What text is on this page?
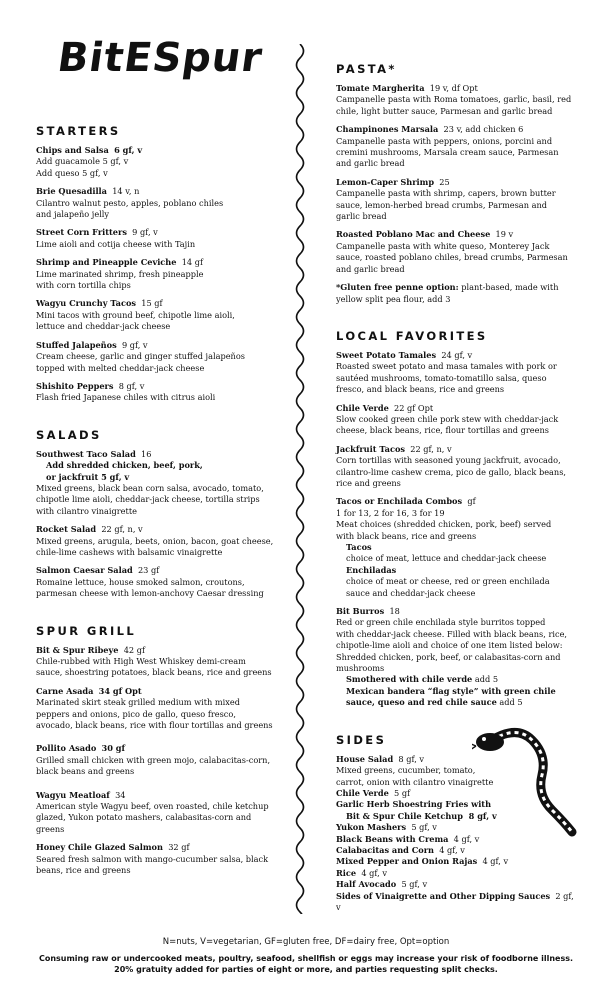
BitESpur
STARTERS
Chips and Salsa 6 gf, v
Add guacamole 5 gf, v
Add queso 5 gf, v
Brie Quesadilla 14 v, n
Cilantro walnut pesto, apples, poblano chiles
and jalapeño jelly
Street Corn Fritters 9 gf, v
Lime aioli and cotija cheese with Tajin
Shrimp and Pineapple Ceviche 14 gf
Lime marinated shrimp, fresh pineapple
with corn tortilla chips
Wagyu Crunchy Tacos 15 gf
Mini tacos with ground beef, chipotle lime aioli,
lettuce and cheddar-jack cheese
Stuffed Jalapeños 9 gf, v
Cream cheese, garlic and ginger stuffed jalapeños
topped with melted cheddar-jack cheese
Shishito Peppers 8 gf, v
Flash fried Japanese chiles with citrus aioli
SALADS
Southwest Taco Salad 16
Add shredded chicken, beef, pork,
or jackfruit 5 gf, v
Mixed greens, black bean corn salsa, avocado, tomato,
chipotle lime aioli, cheddar-jack cheese, tortilla strips
with cilantro vinaigrette
Rocket Salad 22 gf, n, v
Mixed greens, arugula, beets, onion, bacon, goat cheese,
chile-lime cashews with balsamic vinaigrette
Salmon Caesar Salad 23 gf
Romaine lettuce, house smoked salmon, croutons,
parmesan cheese with lemon-anchovy Caesar dressing
SPUR GRILL
Bit & Spur Ribeye 42 gf
Chile-rubbed with High West Whiskey demi-cream
sauce, shoestring potatoes, black beans, rice and greens
Carne Asada 34 gf Opt
Marinated skirt steak grilled medium with mixed
peppers and onions, pico de gallo, queso fresco,
avocado, black beans, rice with flour tortillas and greens
Pollito Asado 30 gf
Grilled small chicken with green mojo, calabacitas-corn,
black beans and greens
Wagyu Meatloaf 34
American style Wagyu beef, oven roasted, chile ketchup
glazed, Yukon potato mashers, calabasitas-corn and
greens
Honey Chile Glazed Salmon 32 gf
Seared fresh salmon with mango-cucumber salsa, black
beans, rice and greens
PASTA*
Tomate Margherita 19 v, df Opt
Campanelle pasta with Roma tomatoes, garlic, basil, red
chile, light butter sauce, Parmesan and garlic bread
Champinones Marsala 23 v, add chicken 6
Campanelle pasta with peppers, onions, porcini and
cremini mushrooms, Marsala cream sauce, Parmesan
and garlic bread
Lemon-Caper Shrimp 25
Campanelle pasta with shrimp, capers, brown butter
sauce, lemon-herbed bread crumbs, Parmesan and
garlic bread
Roasted Poblano Mac and Cheese 19 v
Campanelle pasta with white queso, Monterey Jack
sauce, roasted poblano chiles, bread crumbs, Parmesan
and garlic bread
*Gluten free penne option: plant-based, made with
yellow split pea flour, add 3
LOCAL FAVORITES
Sweet Potato Tamales 24 gf, v
Roasted sweet potato and masa tamales with pork or
sautéed mushrooms, tomato-tomatillo salsa, queso
fresco, and black beans, rice and greens
Chile Verde 22 gf Opt
Slow cooked green chile pork stew with cheddar-jack
cheese, black beans, rice, flour tortillas and greens
Jackfruit Tacos 22 gf, n, v
Corn tortillas with seasoned young jackfruit, avocado,
cilantro-lime cashew crema, pico de gallo, black beans,
rice and greens
Tacos or Enchilada Combos gf
1 for 13, 2 for 16, 3 for 19
Meat choices (shredded chicken, pork, beef) served
with black beans, rice and greens
Tacos
choice of meat, lettuce and cheddar-jack cheese
Enchiladas
choice of meat or cheese, red or green enchilada
sauce and cheddar-jack cheese
Bit Burros 18
Red or green chile enchilada style burritos topped
with cheddar-jack cheese. Filled with black beans, rice,
chipotle-lime aioli and choice of one item listed below:
Shredded chicken, pork, beef, or calabasitas-corn and
mushrooms
Smothered with chile verde add 5
Mexican bandera “flag style” with green chile
sauce, queso and red chile sauce add 5
SIDES
House Salad 8 gf, v
Mixed greens, cucumber, tomato,
carrot, onion with cilantro vinaigrette
Chile Verde 5 gf
Garlic Herb Shoestring Fries with
Bit & Spur Chile Ketchup 8 gf, v
Yukon Mashers 5 gf, v
Black Beans with Crema 4 gf, v
Calabacitas and Corn 4 gf, v
Mixed Pepper and Onion Rajas 4 gf, v
Rice 4 gf, v
Half Avocado 5 gf, v
Sides of Vinaigrette and Other Dipping Sauces 2 gf, v
N=nuts, V=vegetarian, GF=gluten free, DF=dairy free, Opt=option
Consuming raw or undercooked meats, poultry, seafood, shellfish or eggs may increase your risk of foodborne illness.
20% gratuity added for parties of eight or more, and parties requesting split checks.
